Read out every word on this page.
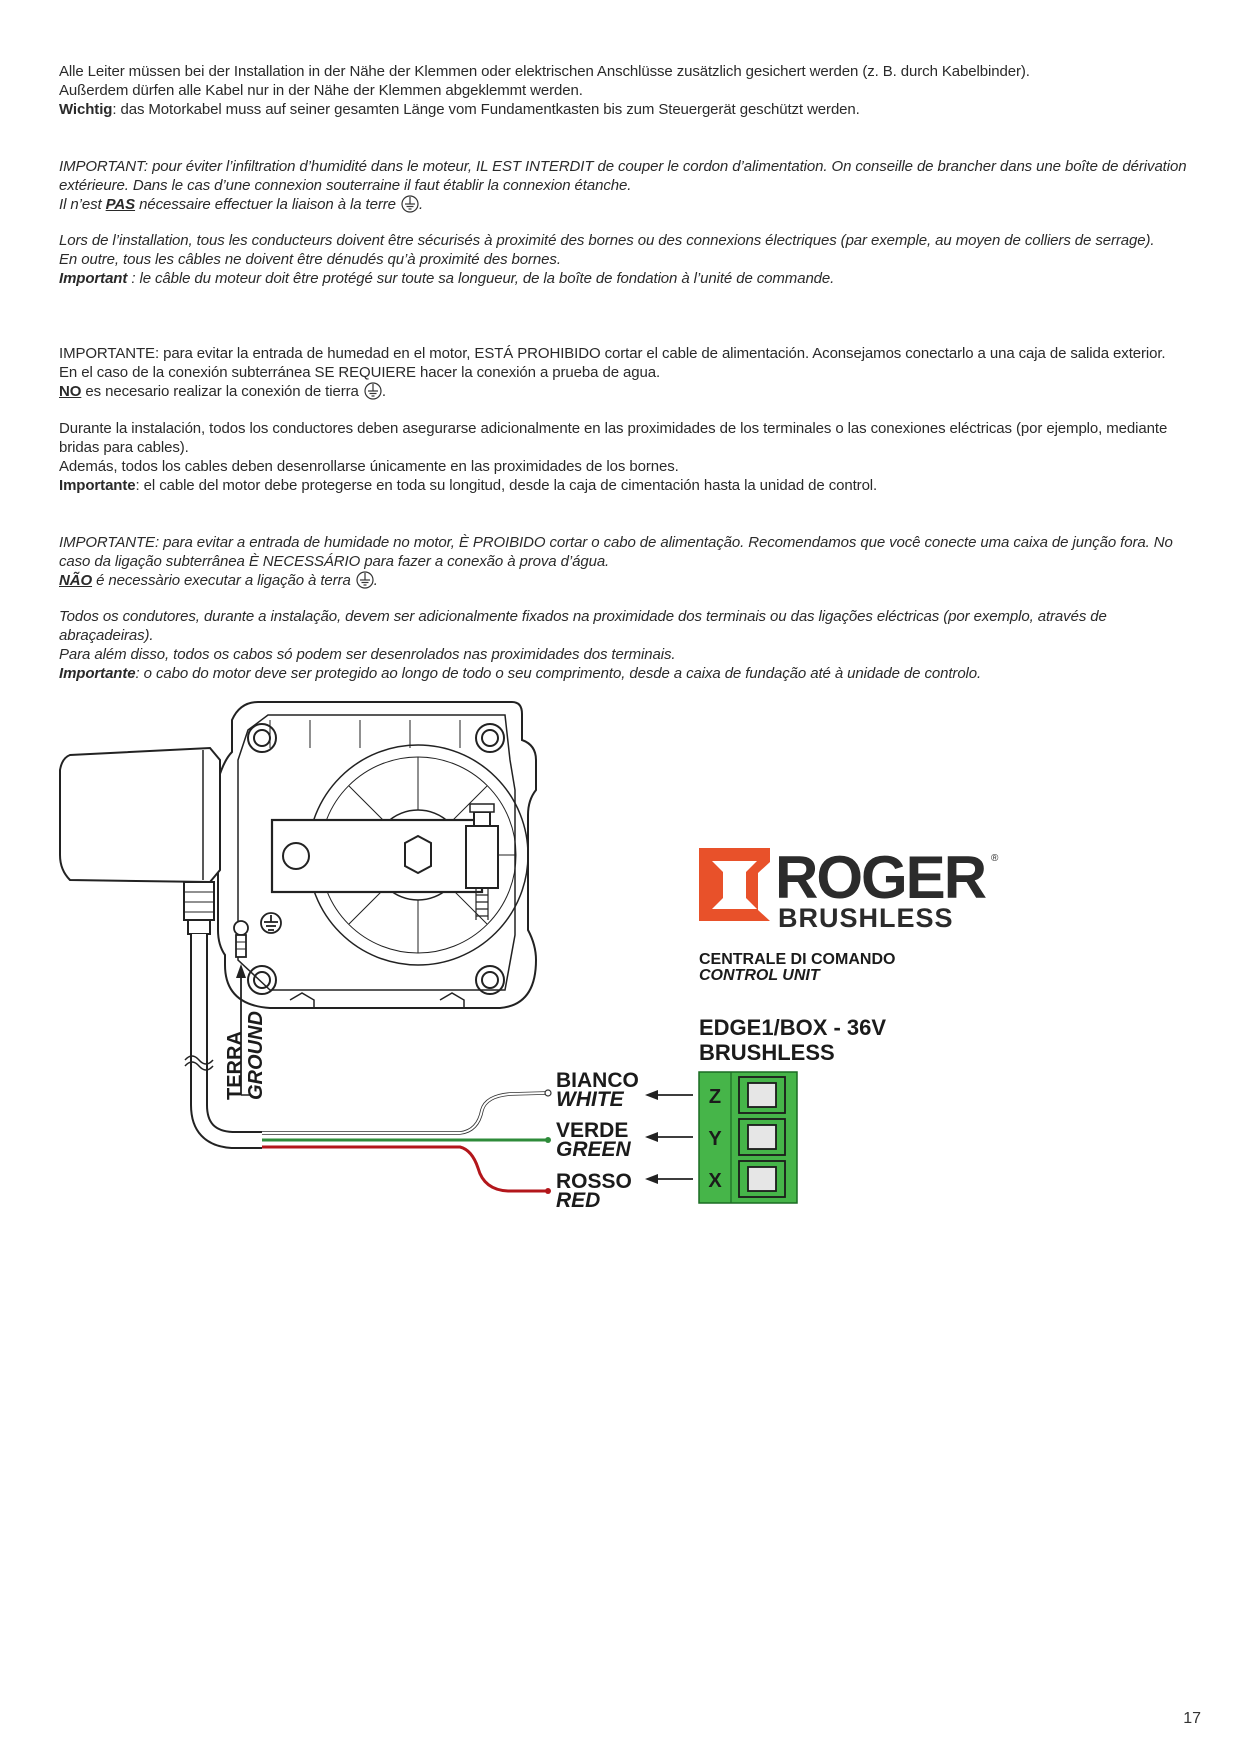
Alle Leiter müssen bei der Installation in der Nähe der Klemmen oder elektrischen Anschlüsse zusätzlich gesichert werden (z. B. durch Kabelbinder).

Außerdem dürfen alle Kabel nur in der Nähe der Klemmen abgeklemmt werden.

Wichtig: das Motorkabel muss auf seiner gesamten Länge vom Fundamentkasten bis zum Steuergerät geschützt werden.

IMPORTANT: pour éviter l’infiltration d’humidité dans le moteur, IL EST INTERDIT de couper le cordon d’alimentation. On conseille de brancher dans une boîte de dérivation extérieure. Dans le cas d’une connexion souterraine il faut établir la connexion étanche.

Il n’est PAS nécessaire effectuer la liaison à la terre .

Lors de l’installation, tous les conducteurs doivent être sécurisés à proximité des bornes ou des connexions électriques (par exemple, au moyen de colliers de serrage).

En outre, tous les câbles ne doivent être dénudés qu’à proximité des bornes.

Important : le câble du moteur doit être protégé sur toute sa longueur, de la boîte de fondation à l’unité de commande.

IMPORTANTE: para evitar la entrada de humedad en el motor, ESTÁ PROHIBIDO cortar el cable de alimentación. Aconsejamos conectarlo a una caja de salida exterior. En el caso de la conexión subterránea SE REQUIERE hacer la conexión a prueba de agua.

NO es necesario realizar la conexión de tierra .

Durante la instalación, todos los conductores deben asegurarse adicionalmente en las proximidades de los terminales o las conexiones eléctricas (por ejemplo, mediante bridas para cables).

Además, todos los cables deben desenrollarse únicamente en las proximidades de los bornes.

Importante: el cable del motor debe protegerse en toda su longitud, desde la caja de cimentación hasta la unidad de control.

IMPORTANTE: para evitar a entrada de humidade no motor, È PROIBIDO cortar o cabo de alimentação. Recomendamos que você conecte uma caixa de junção fora. No caso da ligação subterrânea È NECESSÁRIO para fazer a conexão à prova d’água.

NÃO é necessàrio executar a ligação à terra .

Todos os condutores, durante a instalação, devem ser adicionalmente fixados na proximidade dos terminais ou das ligações eléctricas (por exemplo, através de abraçadeiras).

Para além disso, todos os cabos só podem ser desenrolados nas proximidades dos terminais.

Importante: o cabo do motor deve ser protegido ao longo de todo o seu comprimento, desde a caixa de fundação até à unidade de controlo.

TERRA GROUND	BIANCO
WHITE
VERDE
GREEN
ROSSO
RED
Z
Y
X
ROGER ®
BRUSHLESS
CENTRALE DI COMANDO
CONTROL UNIT
EDGE1/BOX - 36V
BRUSHLESS
17
